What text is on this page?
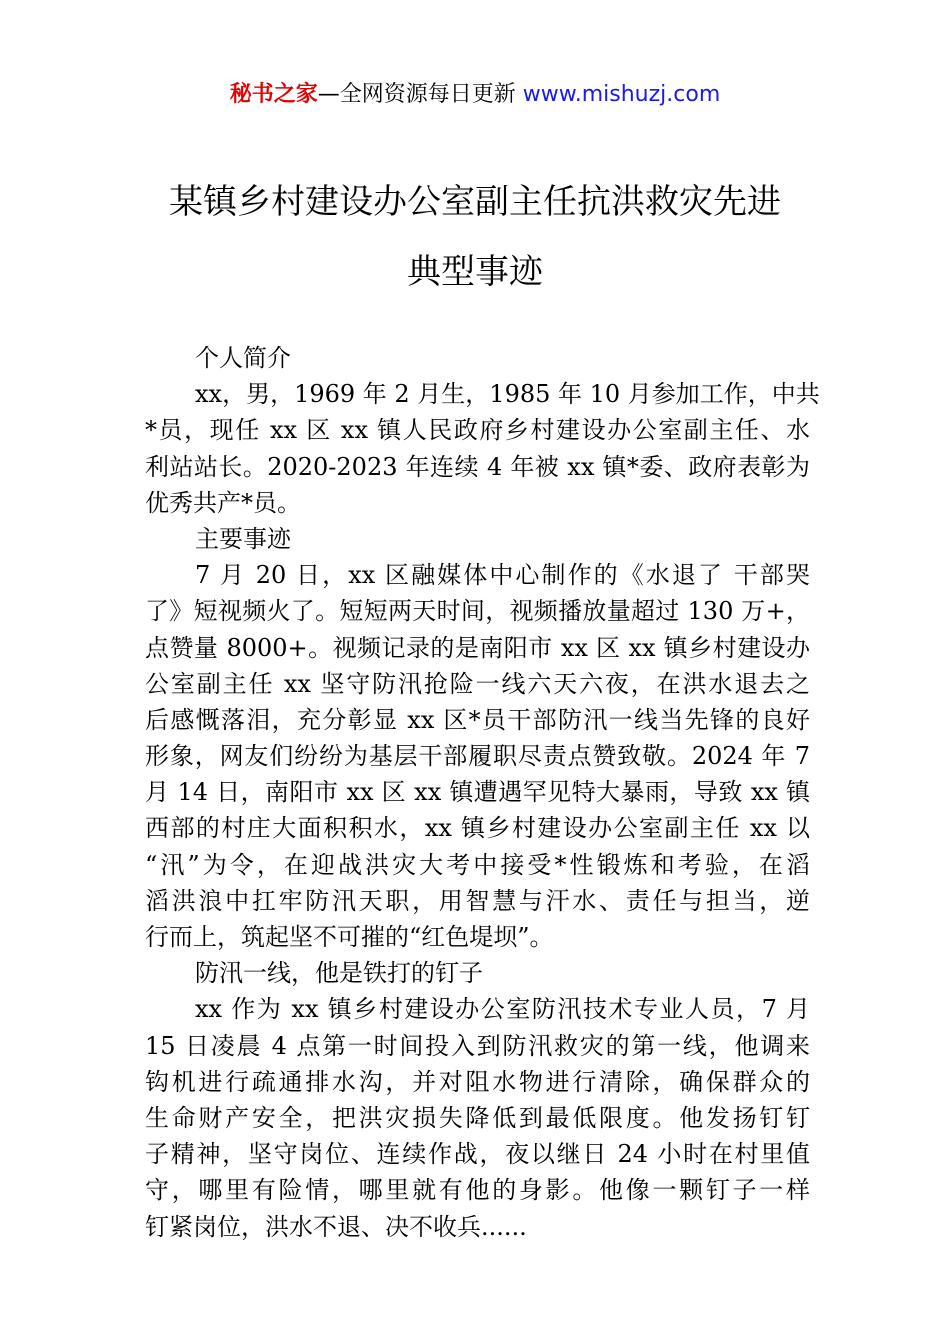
秘书之家—全网资源每日更新 www.mishuzj.com
某镇乡村建设办公室副主任抗洪救灾先进
典型事迹
个人简介
xx，男，1969 年 2 月生，1985 年 10 月参加工作，中共
*员，现任 xx 区 xx 镇人民政府乡村建设办公室副主任、水
利站站长。2020-2023 年连续 4 年被 xx 镇*委、政府表彰为
优秀共产*员。
主要事迹
7 月 20 日，xx 区融媒体中心制作的《水退了 干部哭
了》短视频火了。短短两天时间，视频播放量超过 130 万+，
点赞量 8000+。视频记录的是南阳市 xx 区 xx 镇乡村建设办
公室副主任 xx 坚守防汛抢险一线六天六夜，在洪水退去之
后感慨落泪，充分彰显 xx 区*员干部防汛一线当先锋的良好
形象，网友们纷纷为基层干部履职尽责点赞致敬。2024 年 7
月 14 日，南阳市 xx 区 xx 镇遭遇罕见特大暴雨，导致 xx 镇
西部的村庄大面积积水，xx 镇乡村建设办公室副主任 xx 以
“汛”为令，在迎战洪灾大考中接受*性锻炼和考验，在滔
滔洪浪中扛牢防汛天职，用智慧与汗水、责任与担当，逆
行而上，筑起坚不可摧的“红色堤坝”。
防汛一线，他是铁打的钉子
xx 作为 xx 镇乡村建设办公室防汛技术专业人员，7 月
15 日凌晨 4 点第一时间投入到防汛救灾的第一线，他调来
钩机进行疏通排水沟，并对阻水物进行清除，确保群众的
生命财产安全，把洪灾损失降低到最低限度。他发扬钉钉
子精神，坚守岗位、连续作战，夜以继日 24 小时在村里值
守，哪里有险情，哪里就有他的身影。他像一颗钉子一样
钉紧岗位，洪水不退、决不收兵......
